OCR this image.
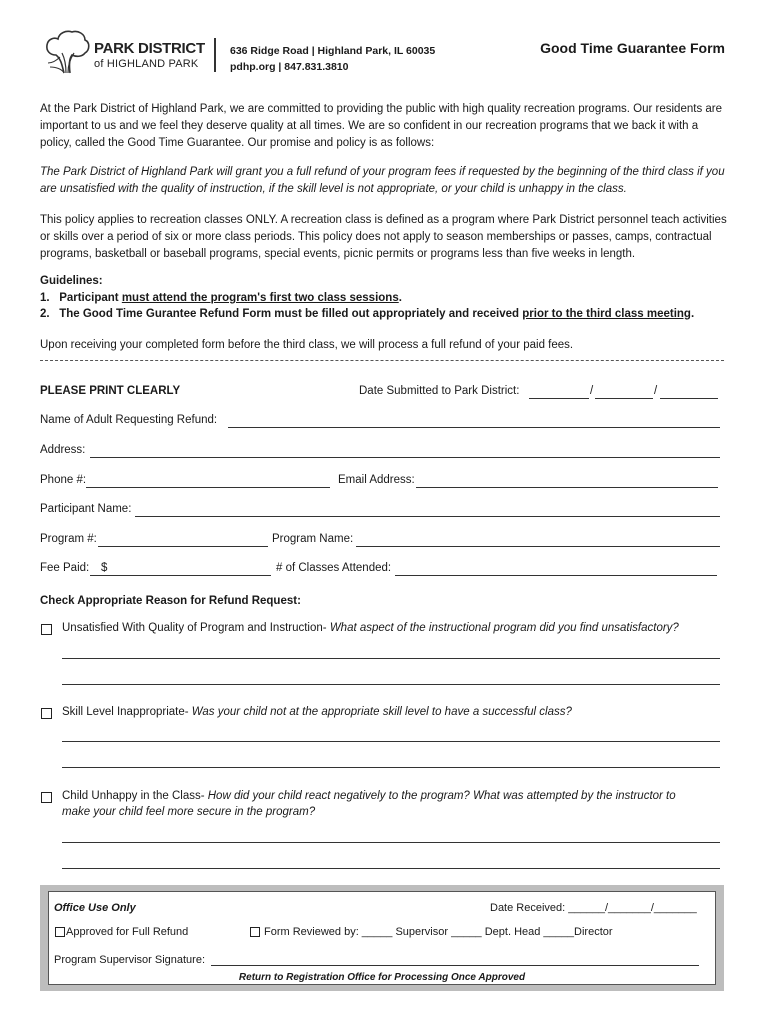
PARK DISTRICT
of HIGHLAND PARK
636 Ridge Road | Highland Park, IL 60035
pdhp.org | 847.831.3810
Good Time Guarantee Form
At the Park District of Highland Park, we are committed to providing the public with high quality recreation programs. Our residents are important to us and we feel they deserve quality at all times. We are so confident in our recreation programs that we back it with a policy, called the Good Time Guarantee. Our promise and policy is as follows:
The Park District of Highland Park will grant you a full refund of your program fees if requested by the beginning of the third class if you are unsatisfied with the quality of instruction, if the skill level is not appropriate, or your child is unhappy in the class.
This policy applies to recreation classes ONLY. A recreation class is defined as a program where Park District personnel teach activities or skills over a period of six or more class periods. This policy does not apply to season memberships or passes, camps, contractual programs, basketball or baseball programs, special events, picnic permits or programs less than five weeks in length.
Guidelines:
1. Participant must attend the program's first two class sessions.
2. The Good Time Gurantee Refund Form must be filled out appropriately and received prior to the third class meeting.
Upon receiving your completed form before the third class, we will process a full refund of your paid fees.
PLEASE PRINT CLEARLY	Date Submitted to Park District:	/	/
Name of Adult Requesting Refund:
Address:
Phone #:	Email Address:
Participant Name:
Program #:	Program Name:
Fee Paid: $	# of Classes Attended:
Check Appropriate Reason for Refund Request:
Unsatisfied With Quality of Program and Instruction- What aspect of the instructional program did you find unsatisfactory?
Skill Level Inappropriate- Was your child not at the appropriate skill level to have a successful class?
Child Unhappy in the Class- How did your child react negatively to the program? What was attempted by the instructor to
make your child feel more secure in the program?
Office Use Only	Date Received: ______/_______/_______
Approved for Full Refund	Form Reviewed by: _____ Supervisor _____ Dept. Head _____Director
Program Supervisor Signature:
Return to Registration Office for Processing Once Approved
